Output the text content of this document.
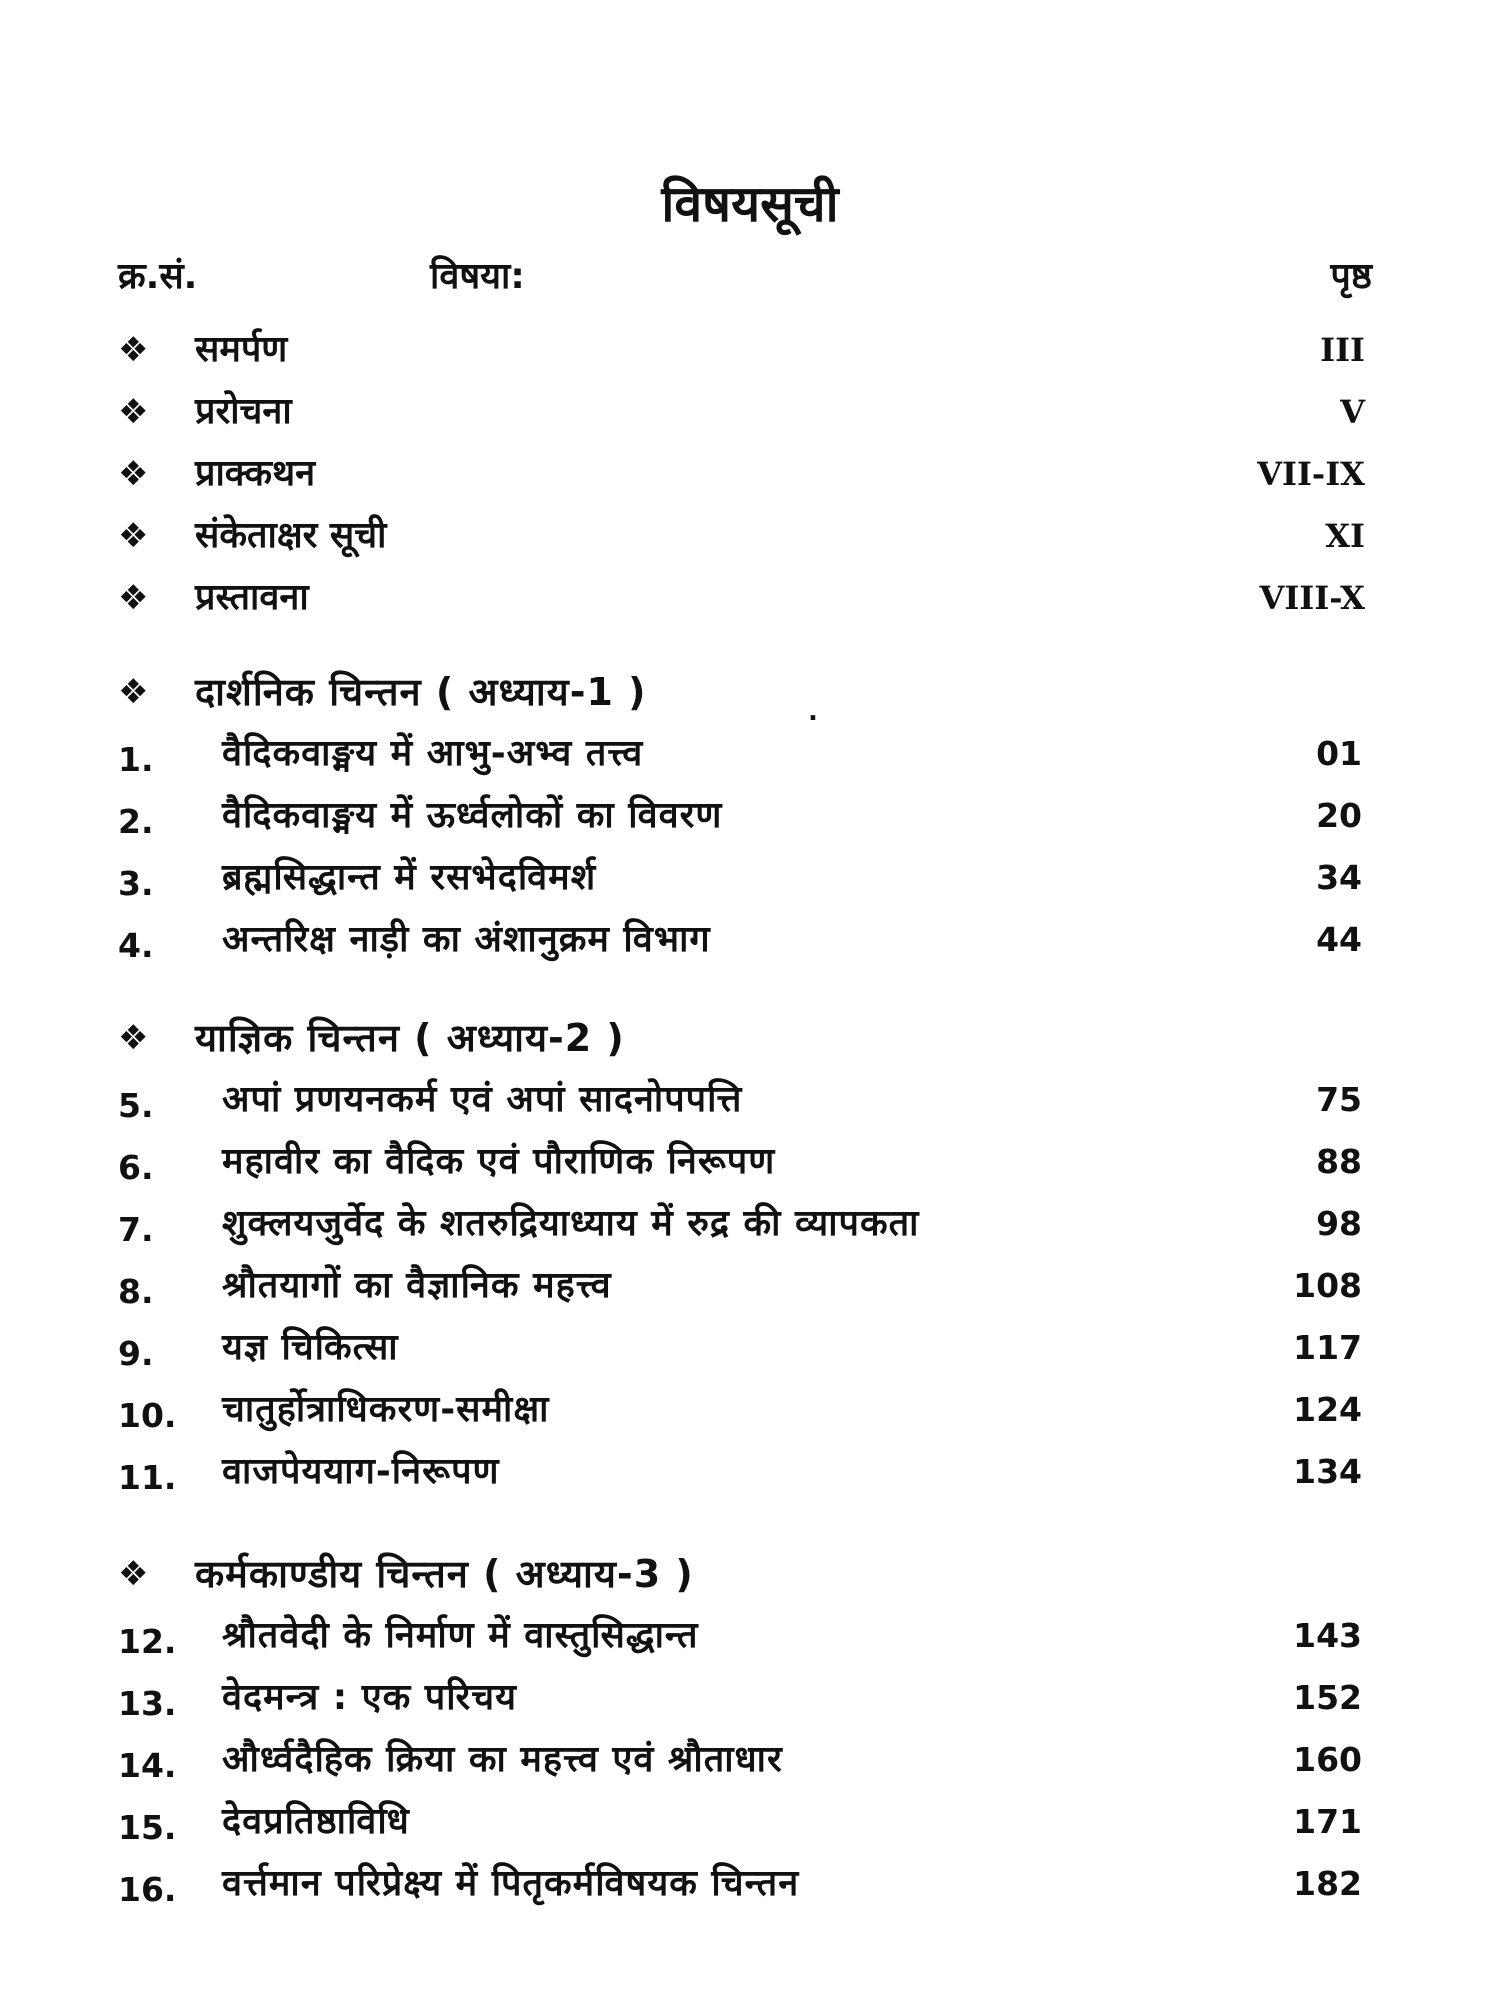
विषयसूची
क्र.सं.	विषया:	पृष्ठ
❖	समर्पण	III
❖	प्ररोचना	V
❖	प्राक्कथन	VII-IX
❖	संकेताक्षर सूची	XI
❖	प्रस्तावना	VIII-X
❖	दार्शनिक चिन्तन ( अध्याय-1 )	.
1.	वैदिकवाङ्मय में आभु-अभ्व तत्त्व	01
2.	वैदिकवाङ्मय में ऊर्ध्वलोकों का विवरण	20
3.	ब्रह्मसिद्धान्त में रसभेदविमर्श	34
4.	अन्तरिक्ष नाड़ी का अंशानुक्रम विभाग	44
❖	याज्ञिक चिन्तन ( अध्याय-2 )
5.	अपां प्रणयनकर्म एवं अपां सादनोपपत्ति	75
6.	महावीर का वैदिक एवं पौराणिक निरूपण	88
7.	शुक्लयजुर्वेद के शतरुद्रियाध्याय में रुद्र की व्यापकता	98
8.	श्रौतयागों का वैज्ञानिक महत्त्व	108
9.	यज्ञ चिकित्सा	117
10.	चातुर्होत्राधिकरण-समीक्षा	124
11.	वाजपेययाग-निरूपण	134
❖	कर्मकाण्डीय चिन्तन ( अध्याय-3 )
12.	श्रौतवेदी के निर्माण में वास्तुसिद्धान्त	143
13.	वेदमन्त्र : एक परिचय	152
14.	और्ध्वदैहिक क्रिया का महत्त्व एवं श्रौताधार	160
15.	देवप्रतिष्ठाविधि	171
16.	वर्त्तमान परिप्रेक्ष्य में पितृकर्मविषयक चिन्तन	182
